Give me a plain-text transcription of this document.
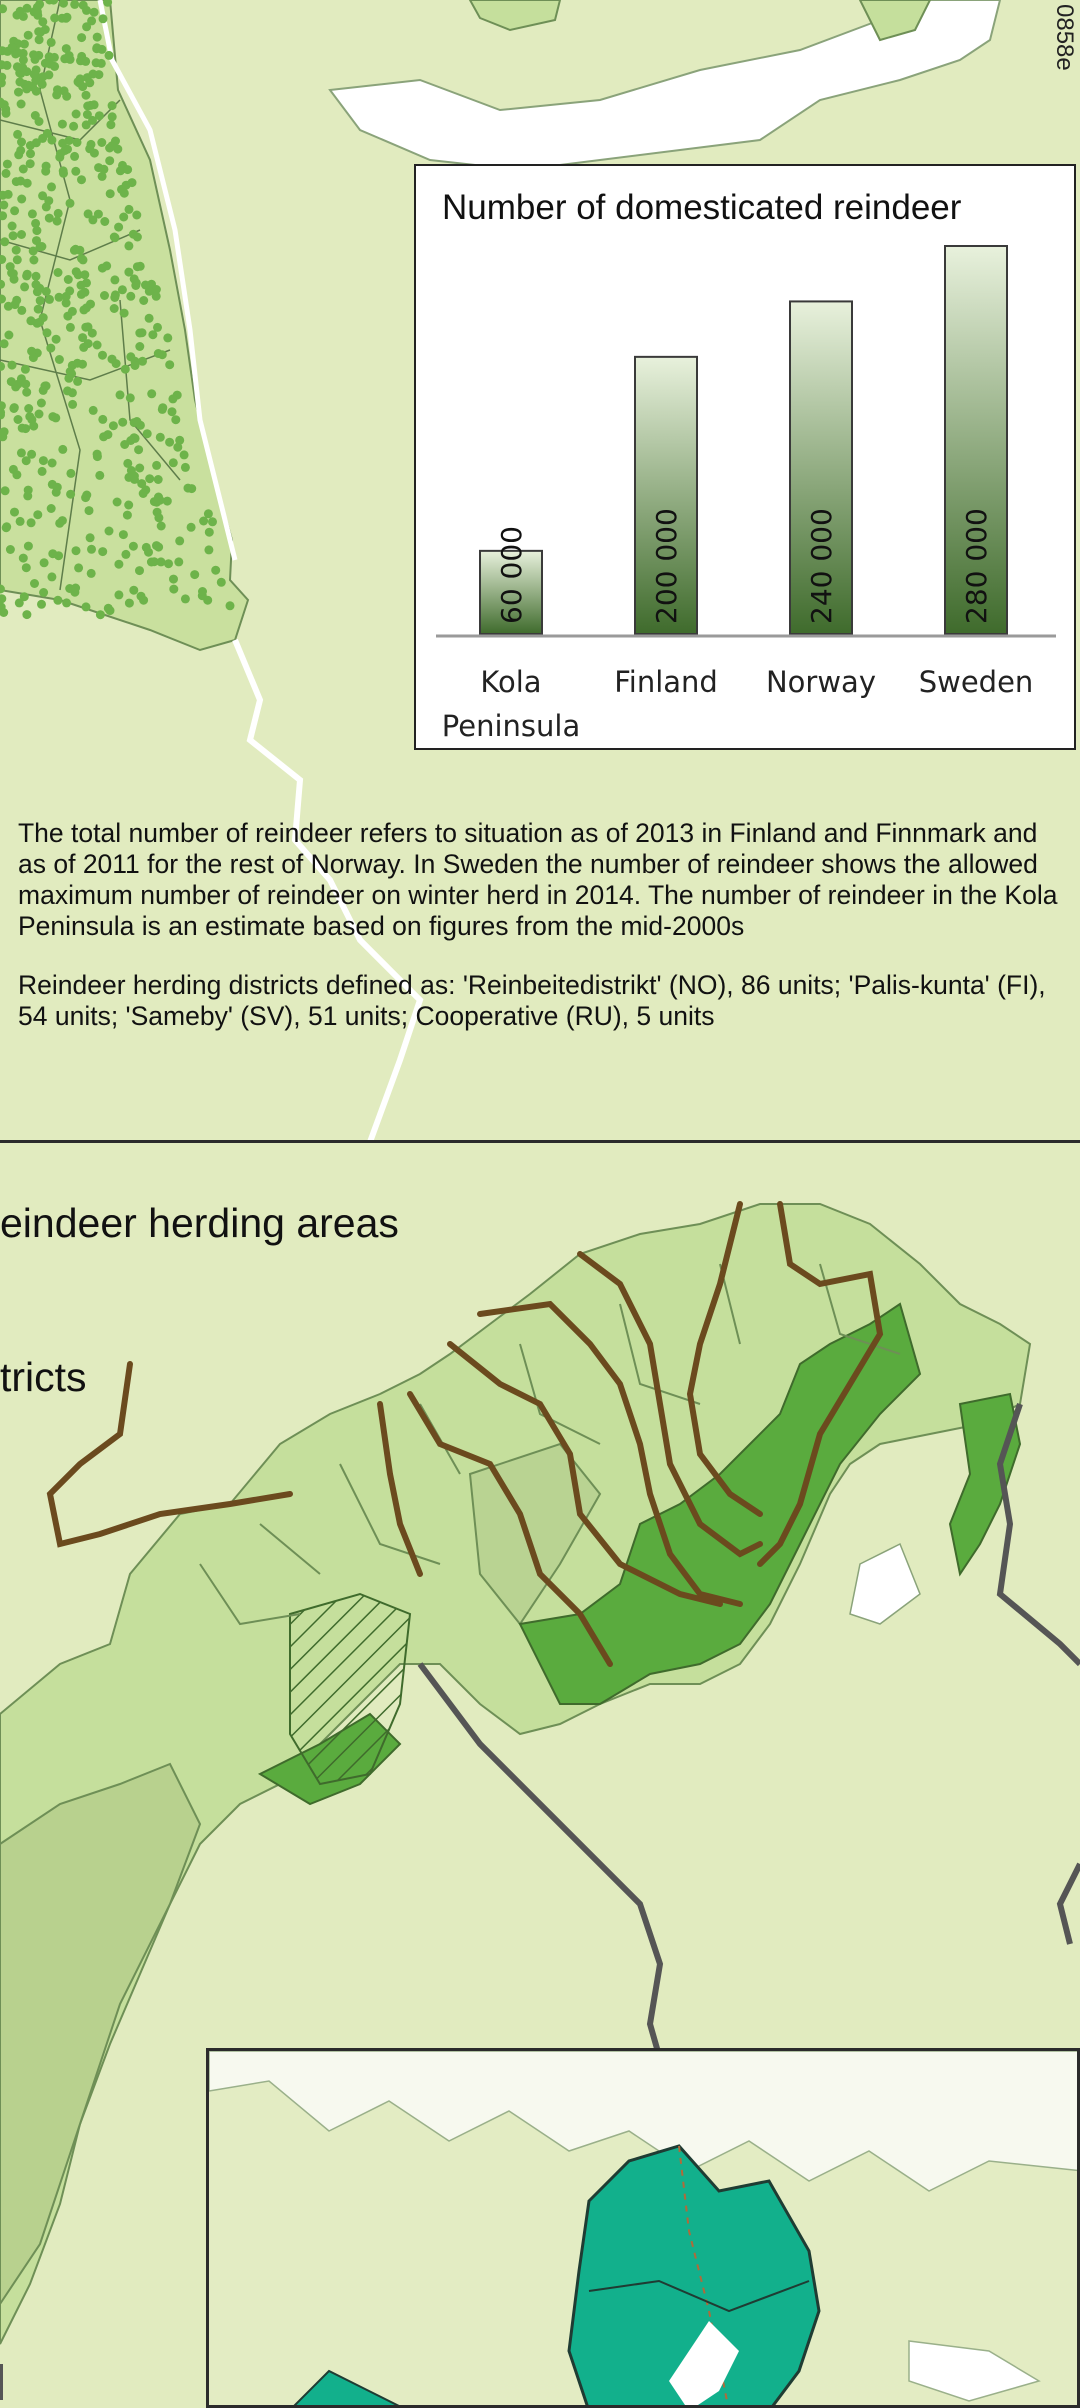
0858e
Number of domesticated reindeer
60 000	200 000	240 000	280 000
Kola
Peninsula
Finland	Norway	Sweden

The total number of reindeer refers to situation as of 2013 in Finland and Finnmark and as of 2011 for the rest of Norway. In Sweden the number of reindeer shows the allowed maximum number of reindeer on winter herd in 2014. The number of reindeer in the Kola Peninsula is an estimate based on figures from the mid-2000s

Reindeer herding districts defined as: 'Reinbeitedistrikt' (NO), 86 units; 'Palis-kunta' (FI), 54 units; 'Sameby' (SV), 51 units; Cooperative (RU), 5 units

eindeer herding areas
tricts
